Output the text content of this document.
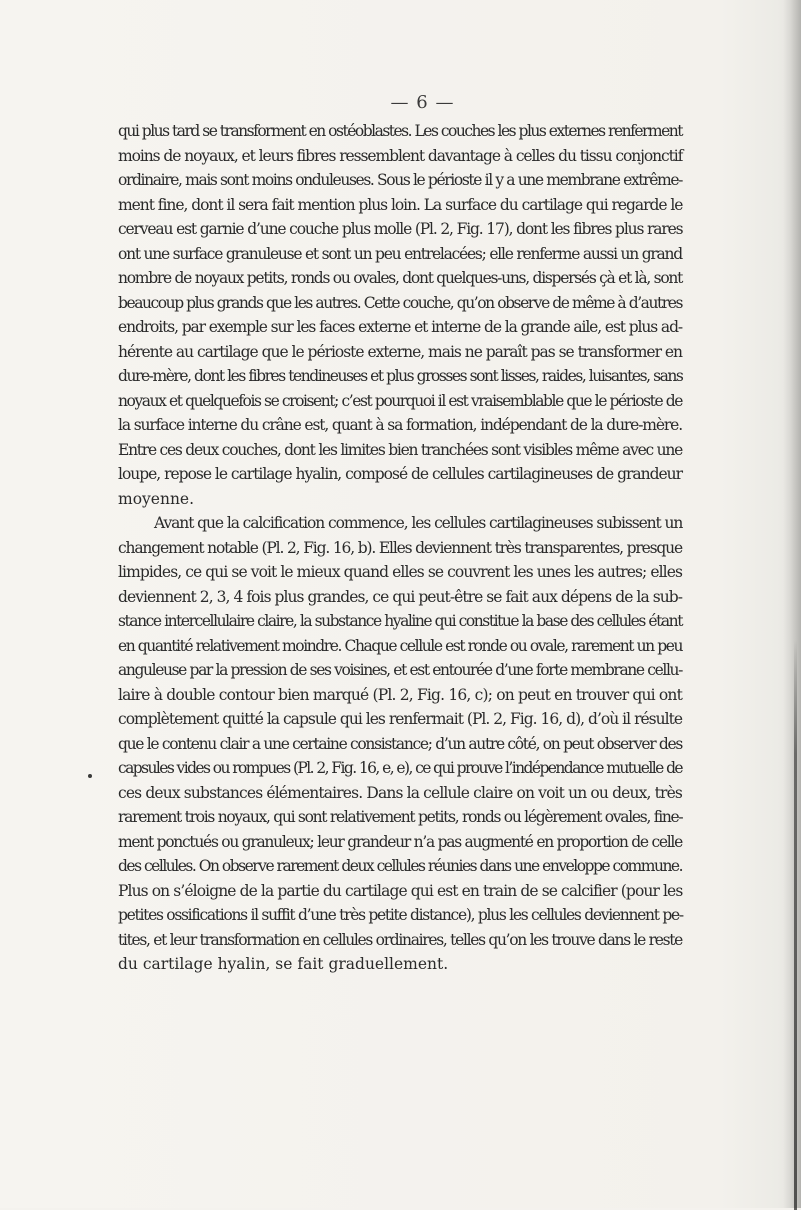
— 6 —

qui plus tard se transforment en ostéoblastes. Les couches les plus externes renferment
moins de noyaux, et leurs fibres ressemblent davantage à celles du tissu conjonctif
ordinaire, mais sont moins onduleuses. Sous le périoste il y a une membrane extrême-
ment fine, dont il sera fait mention plus loin. La surface du cartilage qui regarde le
cerveau est garnie d’une couche plus molle (Pl. 2, Fig. 17), dont les fibres plus rares
ont une surface granuleuse et sont un peu entrelacées; elle renferme aussi un grand
nombre de noyaux petits, ronds ou ovales, dont quelques-uns, dispersés çà et là, sont
beaucoup plus grands que les autres. Cette couche, qu’on observe de même à d’autres
endroits, par exemple sur les faces externe et interne de la grande aile, est plus ad-
hérente au cartilage que le périoste externe, mais ne paraît pas se transformer en
dure-mère, dont les fibres tendineuses et plus grosses sont lisses, raides, luisantes, sans
noyaux et quelquefois se croisent; c’est pourquoi il est vraisemblable que le périoste de
la surface interne du crâne est, quant à sa formation, indépendant de la dure-mère.
Entre ces deux couches, dont les limites bien tranchées sont visibles même avec une
loupe, repose le cartilage hyalin, composé de cellules cartilagineuses de grandeur
moyenne.

Avant que la calcification commence, les cellules cartilagineuses subissent un
changement notable (Pl. 2, Fig. 16, b). Elles deviennent très transparentes, presque
limpides, ce qui se voit le mieux quand elles se couvrent les unes les autres; elles
deviennent 2, 3, 4 fois plus grandes, ce qui peut-être se fait aux dépens de la sub-
stance intercellulaire claire, la substance hyaline qui constitue la base des cellules étant
en quantité relativement moindre. Chaque cellule est ronde ou ovale, rarement un peu
anguleuse par la pression de ses voisines, et est entourée d’une forte membrane cellu-
laire à double contour bien marqué (Pl. 2, Fig. 16, c); on peut en trouver qui ont
complètement quitté la capsule qui les renfermait (Pl. 2, Fig. 16, d), d’où il résulte
que le contenu clair a une certaine consistance; d’un autre côté, on peut observer des
capsules vides ou rompues (Pl. 2, Fig. 16, e, e), ce qui prouve l’indépendance mutuelle de
ces deux substances élémentaires. Dans la cellule claire on voit un ou deux, très
rarement trois noyaux, qui sont relativement petits, ronds ou légèrement ovales, fine-
ment ponctués ou granuleux; leur grandeur n’a pas augmenté en proportion de celle
des cellules. On observe rarement deux cellules réunies dans une enveloppe commune.
Plus on s’éloigne de la partie du cartilage qui est en train de se calcifier (pour les
petites ossifications il suffit d’une très petite distance), plus les cellules deviennent pe-
tites, et leur transformation en cellules ordinaires, telles qu’on les trouve dans le reste
du cartilage hyalin, se fait graduellement.
